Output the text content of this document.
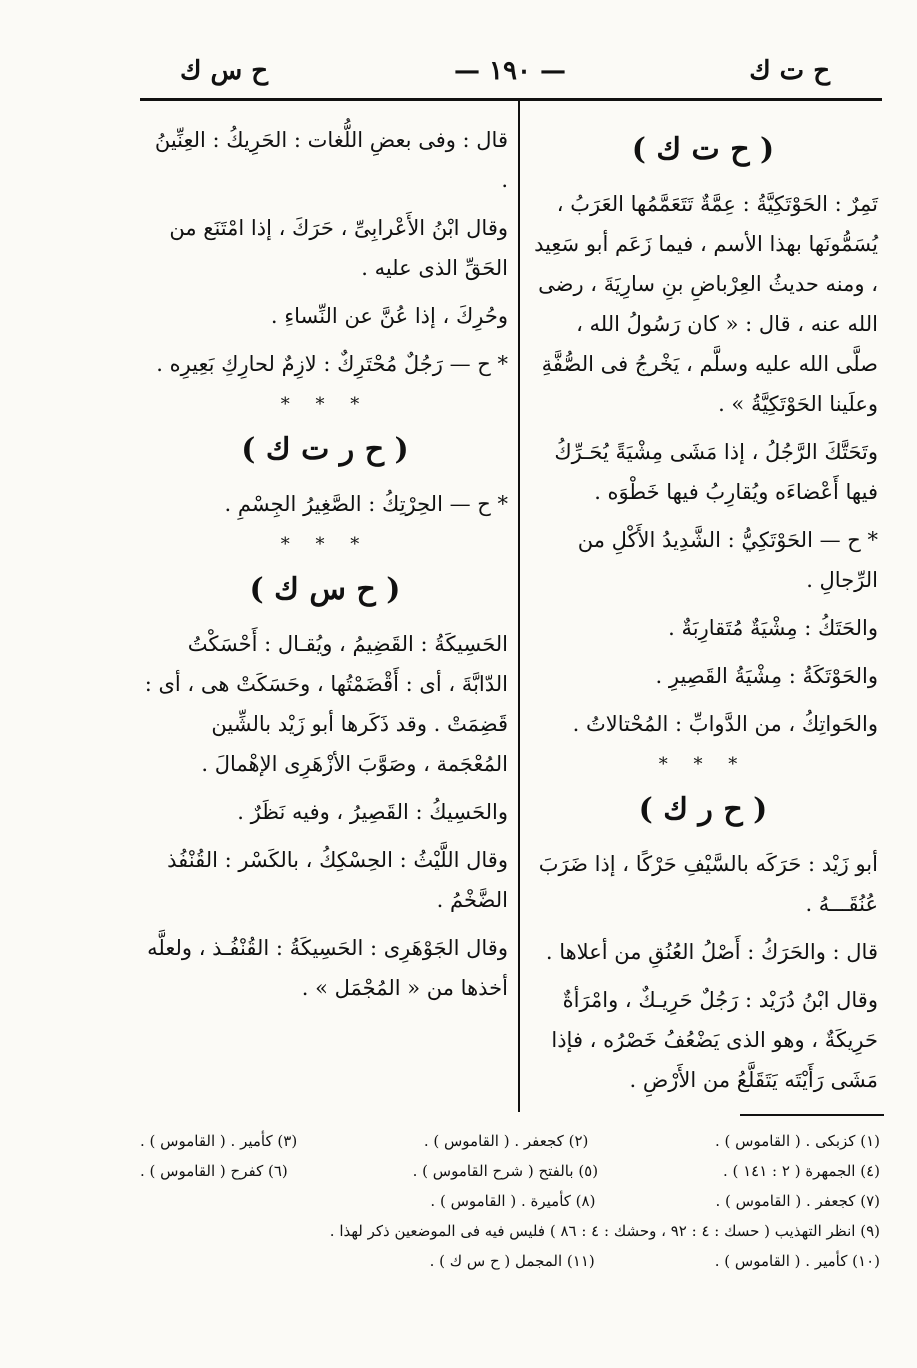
ح ت ك
— ١٩٠ —
ح س ك
( ح ت ك )

تَمِرٌ : الحَوْتَكِيَّةُ : عِمَّةٌ تَتَعَمَّمُها العَرَبُ ، يُسَمُّونَها بهذا الأسم ، فيما زَعَم أبو سَعِيد ، ومنه حديثُ العِرْباضِ بنِ سارِيَةَ ، رضى الله عنه ، قال : « كان رَسُولُ الله ، صلَّى الله عليه وسلَّم ، يَخْرجُ فى الصُّفَّةِ وعلَينا الحَوْتَكِيَّةُ » .

وتَحَتَّكَ الرَّجُلُ ، إذا مَشَى مِشْيَةً يُحَـرِّكُ فيها أَعْضاءَه ويُقارِبُ فيها خَطْوَه .

* ح — الحَوْتَكِيُّ : الشَّدِيدُ الأَكْلِ من الرِّجالِ .

والحَتَكُ : مِشْيَةٌ مُتَقارِبَةٌ .

والحَوْتَكَةُ : مِشْيَةُ القَصِيرِ .

والحَواتِكُ ، من الدَّوابِّ : المُحْتالاتُ .

* * *

( ح ر ك )

أبو زَيْد : حَرَكَه بالسَّيْفِ حَرْكًا ، إذا ضَرَبَ عُنُقَـــهُ .

قال : والحَرَكُ : أَصْلُ العُنُقِ من أعلاها .

وقال ابْنُ دُرَيْد : رَجُلٌ حَرِيـكٌ ، وامْرَأةٌ حَرِيكَةٌ ، وهو الذى يَضْعُفُ خَصْرُه ، فإذا مَشَى رَأَيْتَه يَتَقَلَّعُ من الأَرْضِ .

قال : وفى بعضِ اللُّغات : الحَرِيكُ : العِنِّينُ .

وقال ابْنُ الأَعْرابِىِّ ، حَرَكَ ، إذا امْتَنَع من الحَقِّ الذى عليه .

وحُرِكَ ، إذا عُنَّ عن النِّساءِ .

* ح — رَجُلٌ مُحْتَرِكٌ : لازِمٌ لحارِكِ بَعِيرِه .

* * *

( ح ر ت ك )

* ح — الحِرْتِكُ : الصَّغِيرُ الجِسْمِ .

* * *

( ح س ك )

الحَسِيكَةُ : القَضِيمُ ، ويُقـال : أَحْسَكْتُ الدّابَّةَ ، أى : أَقْضَمْتُها ، وحَسَكَتْ هى ، أى : قَضِمَتْ . وقد ذَكَرها أبو زَيْد بالشِّين المُعْجَمة ، وصَوَّبَ الأزْهَرِى الإهْمالَ .

والحَسِيكُ : القَصِيرُ ، وفيه نَظَرٌ .

وقال اللَّيْثُ : الحِسْكِكُ ، بالكَسْر : القُنْفُذ الضَّخْمُ .

وقال الجَوْهَرِى : الحَسِيكَةُ : القُنْفُـذ ، ولعلَّه أخذها من « المُجْمَل » .

(١) كزبكى . ( القاموس ) .
(٢) كجعفر . ( القاموس ) .
(٣) كأمير . ( القاموس ) .
(٤) الجمهرة ( ٢ : ١٤١ ) .
(٥) بالفتح ( شرح القاموس ) .
(٦) كفرح ( القاموس ) .
(٧) كجعفر . ( القاموس ) .
(٨) كأميرة . ( القاموس ) .
(٩) انظر التهذيب ( حسك : ٤ : ٩٢ ، وحشك : ٤ : ٨٦ ) فليس فيه فى الموضعين ذكر لهذا .
(١٠) كأمير . ( القاموس ) .
(١١) المجمل ( ح س ك ) .
